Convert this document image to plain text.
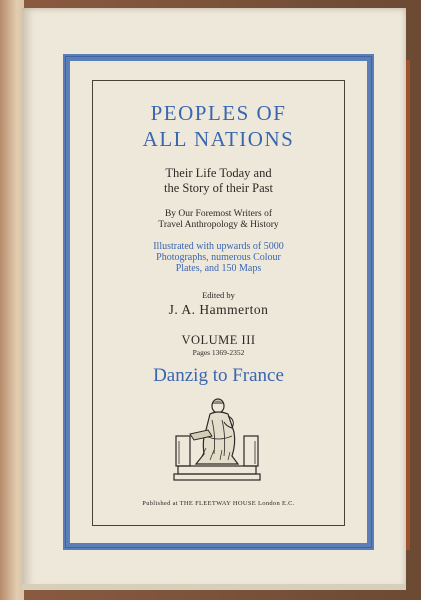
PEOPLES OF
ALL NATIONS
Their Life Today and
the Story of their Past
By Our Foremost Writers of
Travel Anthropology & History
Illustrated with upwards of 5000
Photographs, numerous Colour
Plates, and 150 Maps
Edited by
J. A. Hammerton
VOLUME III
Pages 1369-2352
Danzig to France
Published at THE FLEETWAY HOUSE London E.C.
